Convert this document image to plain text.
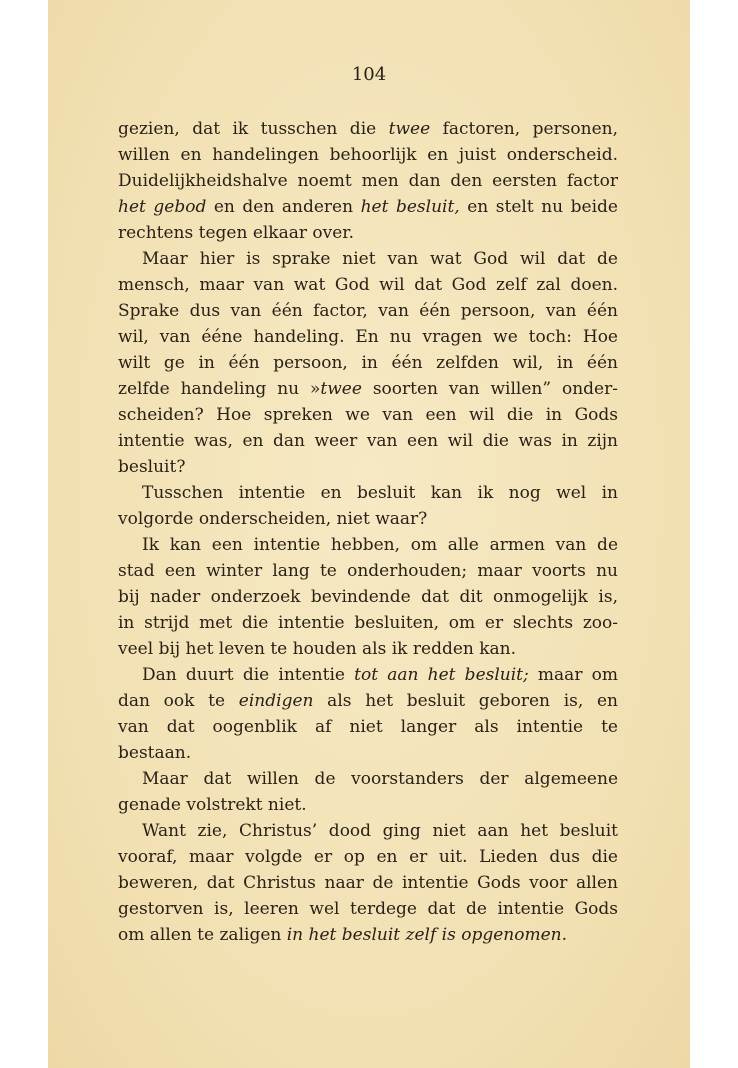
104
gezien, dat ik tusschen die twee factoren, personen,
willen en handelingen behoorlijk en juist onderscheid.
Duidelijkheidshalve noemt men dan den eersten factor
het gebod en den anderen het besluit, en stelt nu beide
rechtens tegen elkaar over.
Maar hier is sprake niet van wat God wil dat de
mensch, maar van wat God wil dat God zelf zal doen.
Sprake dus van één factor, van één persoon, van één
wil, van ééne handeling. En nu vragen we toch: Hoe
wilt ge in één persoon, in één zelfden wil, in één
zelfde handeling nu »twee soorten van willen” onder-
scheiden? Hoe spreken we van een wil die in Gods
intentie was, en dan weer van een wil die was in zijn
besluit?
Tusschen intentie en besluit kan ik nog wel in
volgorde onderscheiden, niet waar?
Ik kan een intentie hebben, om alle armen van de
stad een winter lang te onderhouden; maar voorts nu
bij nader onderzoek bevindende dat dit onmogelijk is,
in strijd met die intentie besluiten, om er slechts zoo-
veel bij het leven te houden als ik redden kan.
Dan duurt die intentie tot aan het besluit; maar om
dan ook te eindigen als het besluit geboren is, en
van dat oogenblik af niet langer als intentie te
bestaan.
Maar dat willen de voorstanders der algemeene
genade volstrekt niet.
Want zie, Christus’ dood ging niet aan het besluit
vooraf, maar volgde er op en er uit. Lieden dus die
beweren, dat Christus naar de intentie Gods voor allen
gestorven is, leeren wel terdege dat de intentie Gods
om allen te zaligen in het besluit zelf is opgenomen.
